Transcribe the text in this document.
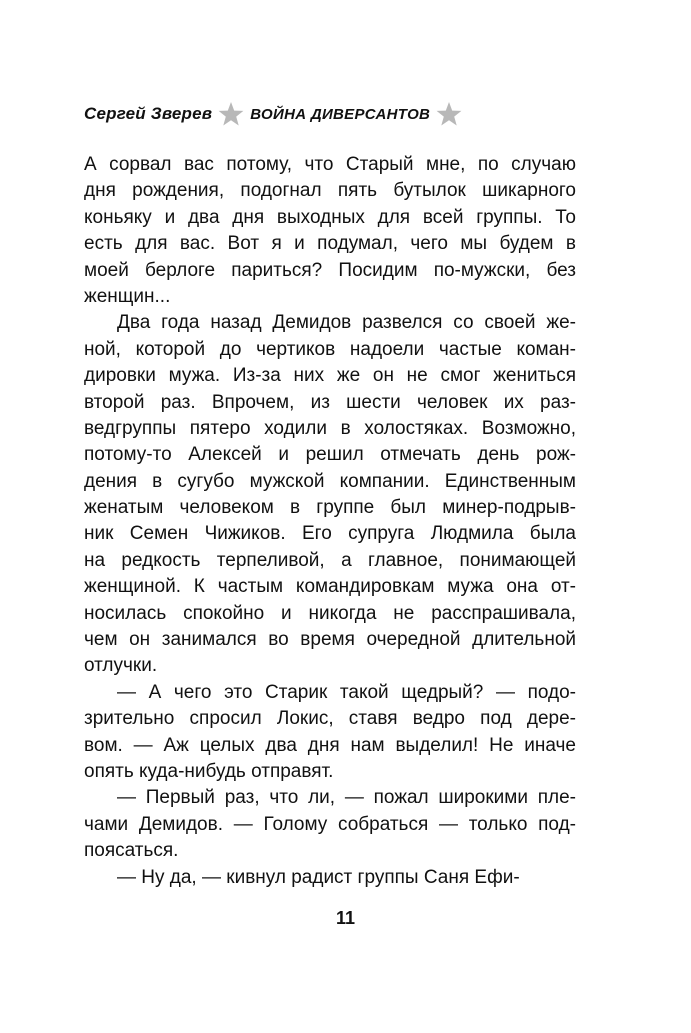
Сергей Зверев	ВОЙНА ДИВЕРСАНТОВ
А сорвал вас потому, что Старый мне, по случаю
дня рождения, подогнал пять бутылок шикарного
коньяку и два дня выходных для всей группы. То
есть для вас. Вот я и подумал, чего мы будем в
моей берлоге париться? Посидим по-мужски, без
женщин...
Два года назад Демидов развелся со своей же-
ной, которой до чертиков надоели частые коман-
дировки мужа. Из-за них же он не смог жениться
второй раз. Впрочем, из шести человек их раз-
ведгруппы пятеро ходили в холостяках. Возможно,
потому-то Алексей и решил отмечать день рож-
дения в сугубо мужской компании. Единственным
женатым человеком в группе был минер-подрыв-
ник Семен Чижиков. Его супруга Людмила была
на редкость терпеливой, а главное, понимающей
женщиной. К частым командировкам мужа она от-
носилась спокойно и никогда не расспрашивала,
чем он занимался во время очередной длительной
отлучки.
— А чего это Старик такой щедрый? — подо-
зрительно спросил Локис, ставя ведро под дере-
вом. — Аж целых два дня нам выделил! Не иначе
опять куда-нибудь отправят.
— Первый раз, что ли, — пожал широкими пле-
чами Демидов. — Голому собраться — только под-
поясаться.
— Ну да, — кивнул радист группы Саня Ефи-
11
